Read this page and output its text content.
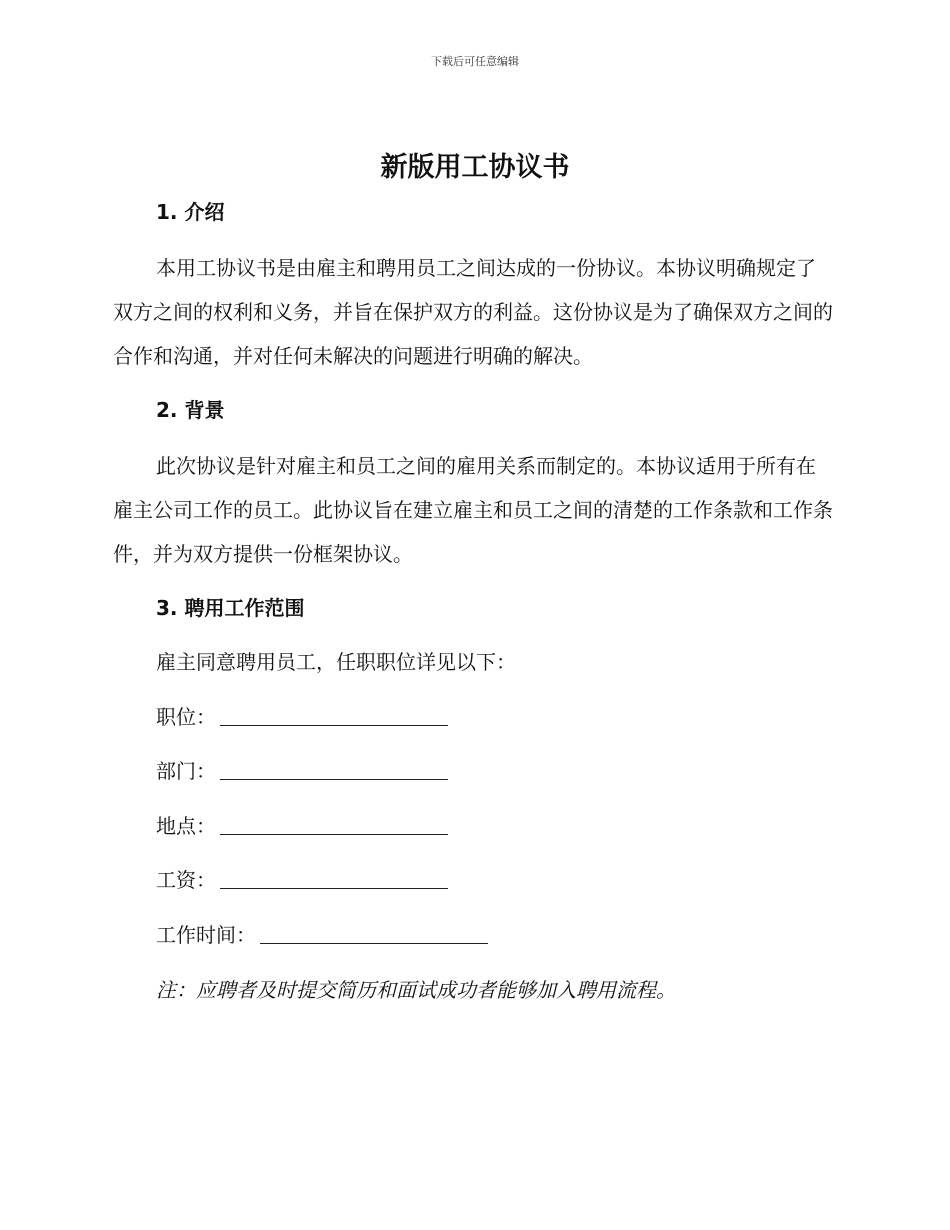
下载后可任意编辑
新版用工协议书
1. 介绍

本用工协议书是由雇主和聘用员工之间达成的一份协议。本协议明确规定了双方之间的权利和义务，并旨在保护双方的利益。这份协议是为了确保双方之间的合作和沟通，并对任何未解决的问题进行明确的解决。

2. 背景

此次协议是针对雇主和员工之间的雇用关系而制定的。本协议适用于所有在雇主公司工作的员工。此协议旨在建立雇主和员工之间的清楚的工作条款和工作条件，并为双方提供一份框架协议。

3. 聘用工作范围
雇主同意聘用员工，任职职位详见以下：
职位：
部门：
地点：
工资：
工作时间：
注：应聘者及时提交简历和面试成功者能够加入聘用流程。
